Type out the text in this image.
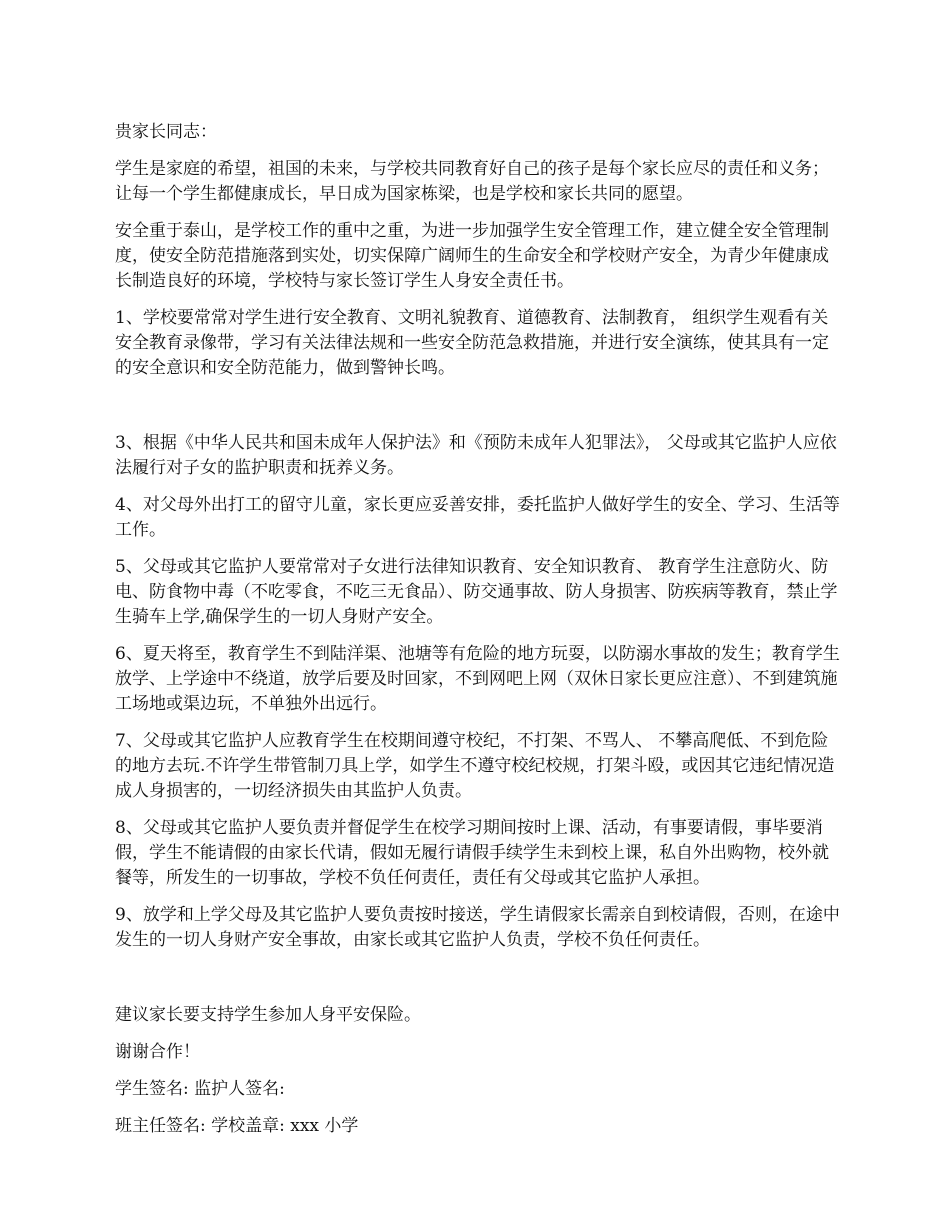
贵家长同志：

学生是家庭的希望，祖国的未来，与学校共同教育好自己的孩子是每个家长应尽的责任和义务；让每一个学生都健康成长，早日成为国家栋梁，也是学校和家长共同的愿望。

安全重于泰山，是学校工作的重中之重，为进一步加强学生安全管理工作，建立健全安全管理制度，使安全防范措施落到实处，切实保障广阔师生的生命安全和学校财产安全，为青少年健康成长制造良好的环境，学校特与家长签订学生人身安全责任书。

1、学校要常常对学生进行安全教育、文明礼貌教育、道德教育、法制教育， 组织学生观看有关安全教育录像带，学习有关法律法规和一些安全防范急救措施，并进行安全演练，使其具有一定的安全意识和安全防范能力，做到警钟长鸣。

3、根据《中华人民共和国未成年人保护法》和《预防未成年人犯罪法》， 父母或其它监护人应依法履行对子女的监护职责和抚养义务。

4、对父母外出打工的留守儿童，家长更应妥善安排，委托监护人做好学生的安全、学习、生活等工作。

5、父母或其它监护人要常常对子女进行法律知识教育、安全知识教育、 教育学生注意防火、防电、防食物中毒（不吃零食，不吃三无食品）、防交通事故、防人身损害、防疾病等教育，禁止学生骑车上学,确保学生的一切人身财产安全。

6、夏天将至，教育学生不到陆洋渠、池塘等有危险的地方玩耍，以防溺水事故的发生；教育学生放学、上学途中不绕道，放学后要及时回家，不到网吧上网（双休日家长更应注意）、不到建筑施工场地或渠边玩，不单独外出远行。

7、父母或其它监护人应教育学生在校期间遵守校纪，不打架、不骂人、 不攀高爬低、不到危险的地方去玩.不许学生带管制刀具上学，如学生不遵守校纪校规，打架斗殴，或因其它违纪情况造成人身损害的，一切经济损失由其监护人负责。

8、父母或其它监护人要负责并督促学生在校学习期间按时上课、活动，有事要请假，事毕要消假，学生不能请假的由家长代请，假如无履行请假手续学生未到校上课，私自外出购物，校外就餐等，所发生的一切事故，学校不负任何责任，责任有父母或其它监护人承担。

9、放学和上学父母及其它监护人要负责按时接送，学生请假家长需亲自到校请假，否则，在途中发生的一切人身财产安全事故，由家长或其它监护人负责，学校不负任何责任。

建议家长要支持学生参加人身平安保险。

谢谢合作！

学生签名: 监护人签名:

班主任签名: 学校盖章: xxx 小学
